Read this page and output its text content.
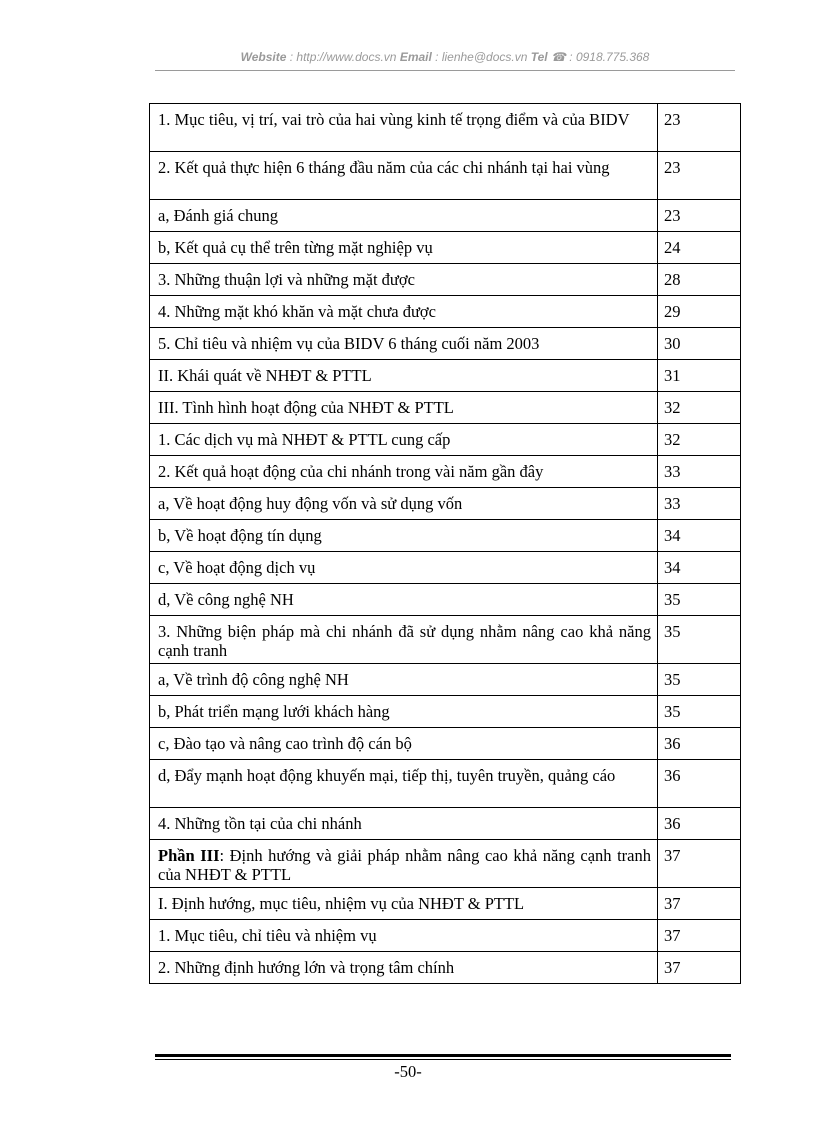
Website : http://www.docs.vn Email : lienhe@docs.vn Tel ☎ : 0918.775.368
1. Mục tiêu, vị trí, vai trò của hai vùng kinh tế trọng điểm và của BIDV	23

2. Kết quả thực hiện 6 tháng đầu năm của các chi nhánh tại hai vùng	23

a, Đánh giá chung	23

b, Kết quả cụ thể trên từng mặt nghiệp vụ	24

3. Những thuận lợi và những mặt được	28

4. Những mặt khó khăn và mặt chưa được	29

5. Chỉ tiêu và nhiệm vụ của BIDV 6 tháng cuối năm 2003	30

II. Khái quát về NHĐT & PTTL	31

III. Tình hình hoạt động của NHĐT & PTTL	32

1. Các dịch vụ mà NHĐT & PTTL cung cấp	32

2. Kết quả hoạt động của chi nhánh trong vài năm gần đây	33

a, Về hoạt động huy động vốn và sử dụng vốn	33

b, Về hoạt động tín dụng	34

c, Về hoạt động dịch vụ	34

d, Về công nghệ NH	35

3. Những biện pháp mà chi nhánh đã sử dụng nhằm nâng cao khả năng cạnh tranh	35

a, Về trình độ công nghệ NH	35

b, Phát triển mạng lưới khách hàng	35

c, Đào tạo và nâng cao trình độ cán bộ	36

d, Đẩy mạnh hoạt động khuyến mại, tiếp thị, tuyên truyền, quảng cáo	36

4. Những tồn tại của chi nhánh	36

Phần III: Định hướng và giải pháp nhằm nâng cao khả năng cạnh tranh của NHĐT & PTTL	37

I. Định hướng, mục tiêu, nhiệm vụ của NHĐT & PTTL	37

1. Mục tiêu, chỉ tiêu và nhiệm vụ	37

2. Những định hướng lớn và trọng tâm chính	37
-50-
